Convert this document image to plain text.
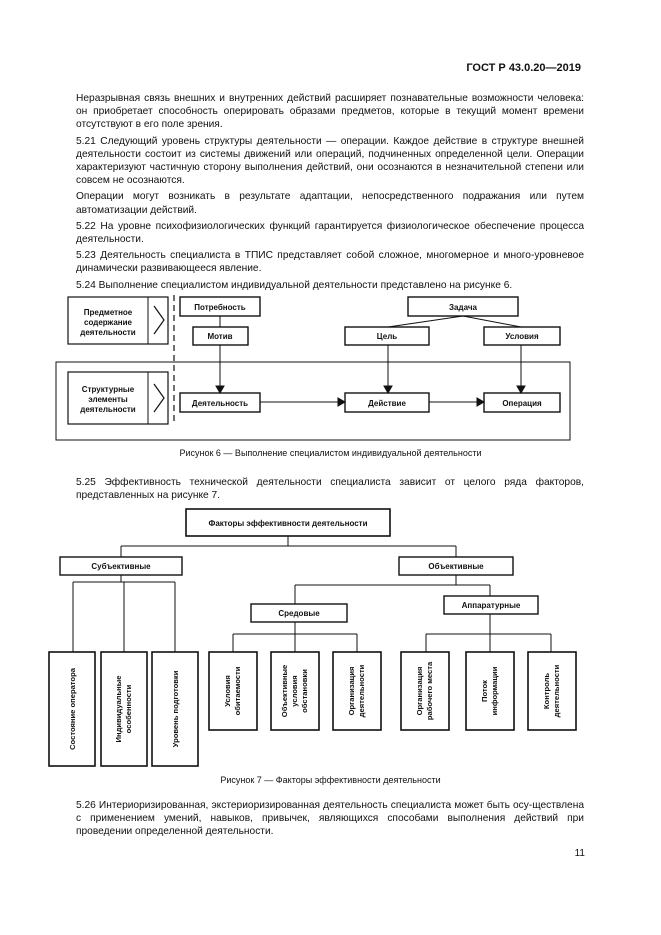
ГОСТ Р 43.0.20—2019

Неразрывная связь внешних и внутренних действий расширяет познавательные возможности человека: он приобретает способность оперировать образами предметов, которые в текущий момент времени отсутствуют в его поле зрения.

5.21 Следующий уровень структуры деятельности — операции. Каждое действие в структуре внешней деятельности состоит из системы движений или операций, подчиненных определенной цели. Операции характеризуют частичную сторону выполнения действий, они осознаются в незначительной степени или совсем не осознаются.

Операции могут возникать в результате адаптации, непосредственного подражания или путем автоматизации действий.

5.22 На уровне психофизиологических функций гарантируется физиологическое обеспечение процесса деятельности.

5.23 Деятельность специалиста в ТПИС представляет собой сложное, многомерное и много-уровневое динамически развивающееся явление.

5.24 Выполнение специалистом индивидуальной деятельности представлено на рисунке 6.

Предметное
содержание
деятельности
Структурные
элементы
деятельности
Потребность
Мотив
Деятельность
Задача
Цель	Условия
Действие	Операция
Факторы эффективности деятельности
Субъективные	Объективные
Средовые
Аппаратурные
Состояние оператора	Индивидуальные особенности	Уровень подготовки	Условия обитаемости	Объективные условия обстановки	Организация деятельности	Организация рабочего места	Поток информации	Контроль деятельности
Рисунок 6 — Выполнение специалистом индивидуальной деятельности

5.25 Эффективность технической деятельности специалиста зависит от целого ряда факторов, представленных на рисунке 7.

Рисунок 7 — Факторы эффективности деятельности

5.26 Интериоризированная, экстериоризированная деятельность специалиста может быть осу-ществлена с применением умений, навыков, привычек, являющихся способами выполнения действий при проведении определенной деятельности.

11
